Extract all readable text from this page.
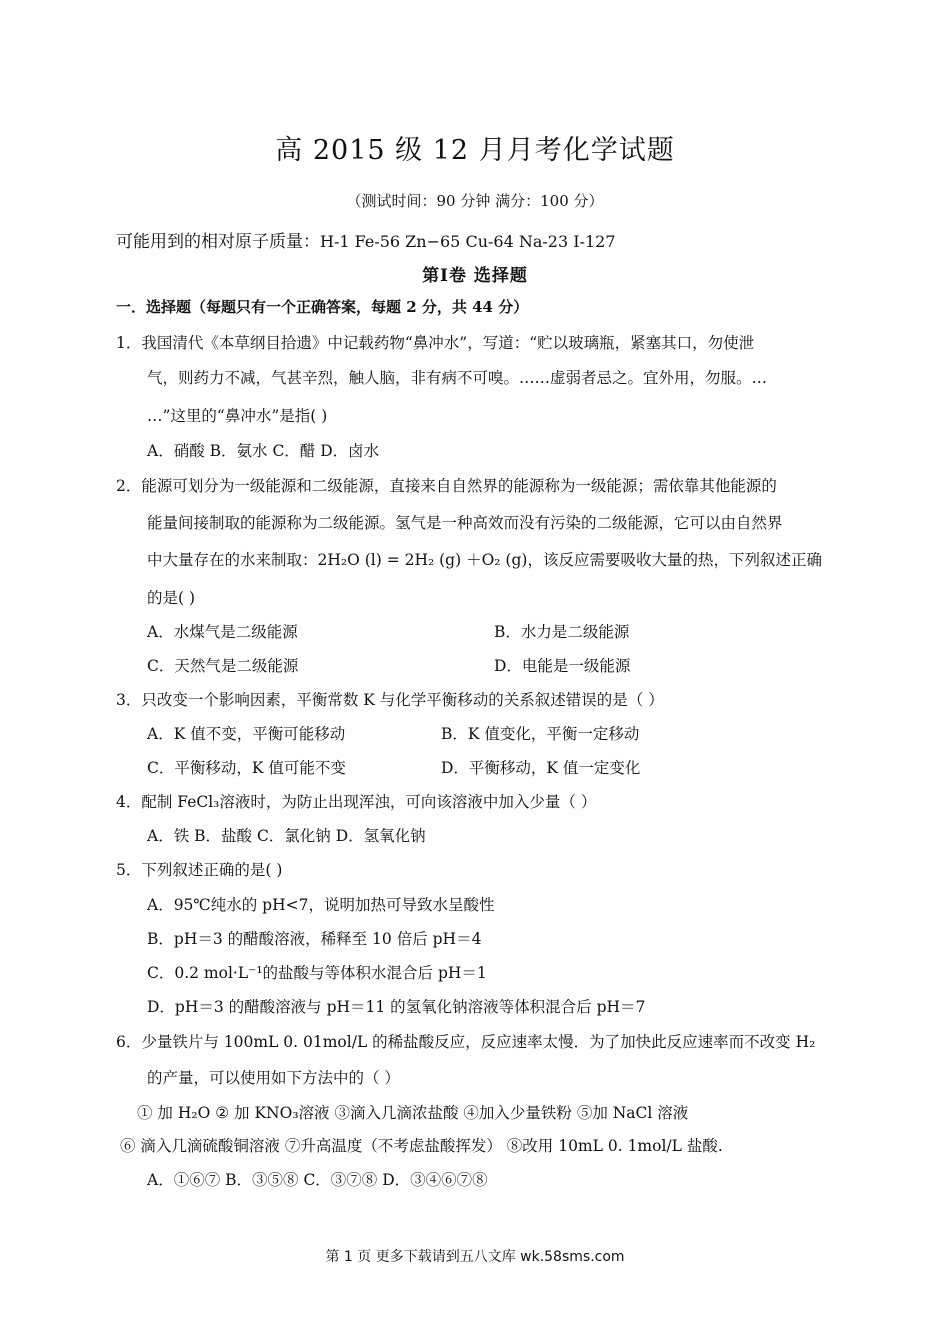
高 2015 级 12 月月考化学试题
（测试时间：90 分钟 满分：100 分）
可能用到的相对原子质量：H-1 Fe-56 Zn−65 Cu-64 Na-23 I-127
第Ⅰ卷 选择题
一．选择题（每题只有一个正确答案，每题 2 分，共 44 分）
1．我国清代《本草纲目拾遗》中记载药物“鼻冲水”，写道：“贮以玻璃瓶，紧塞其口，勿使泄
气，则药力不减，气甚辛烈，触人脑，非有病不可嗅。……虚弱者忌之。宜外用，勿服。…
…”这里的“鼻冲水”是指( )
A．硝酸 B．氨水 C．醋 D．卤水
2．能源可划分为一级能源和二级能源，直接来自自然界的能源称为一级能源；需依靠其他能源的
能量间接制取的能源称为二级能源。氢气是一种高效而没有污染的二级能源，它可以由自然界
中大量存在的水来制取：2H₂O (l) = 2H₂ (g) ＋O₂ (g)，该反应需要吸收大量的热，下列叙述正确
的是( )
A．水煤气是二级能源	B．水力是二级能源
C．天然气是二级能源	D．电能是一级能源
3．只改变一个影响因素，平衡常数 K 与化学平衡移动的关系叙述错误的是（ ）
A．K 值不变，平衡可能移动	B．K 值变化，平衡一定移动
C．平衡移动，K 值可能不变	D．平衡移动，K 值一定变化
4．配制 FeCl₃溶液时，为防止出现浑浊，可向该溶液中加入少量（ ）
A．铁 B．盐酸 C．氯化钠 D．氢氧化钠
5．下列叙述正确的是( )
A．95℃纯水的 pH<7，说明加热可导致水呈酸性
B．pH＝3 的醋酸溶液，稀释至 10 倍后 pH＝4
C．0.2 mol·L⁻¹的盐酸与等体积水混合后 pH＝1
D．pH＝3 的醋酸溶液与 pH＝11 的氢氧化钠溶液等体积混合后 pH＝7
6．少量铁片与 100mL 0. 01mol/L 的稀盐酸反应，反应速率太慢．为了加快此反应速率而不改变 H₂
的产量，可以使用如下方法中的（ ）
① 加 H₂O ② 加 KNO₃溶液 ③滴入几滴浓盐酸 ④加入少量铁粉 ⑤加 NaCl 溶液
⑥ 滴入几滴硫酸铜溶液 ⑦升高温度（不考虑盐酸挥发） ⑧改用 10mL 0. 1mol/L 盐酸.
A．①⑥⑦ B．③⑤⑧ C．③⑦⑧ D．③④⑥⑦⑧
第 1 页 更多下载请到五八文库 wk.58sms.com
